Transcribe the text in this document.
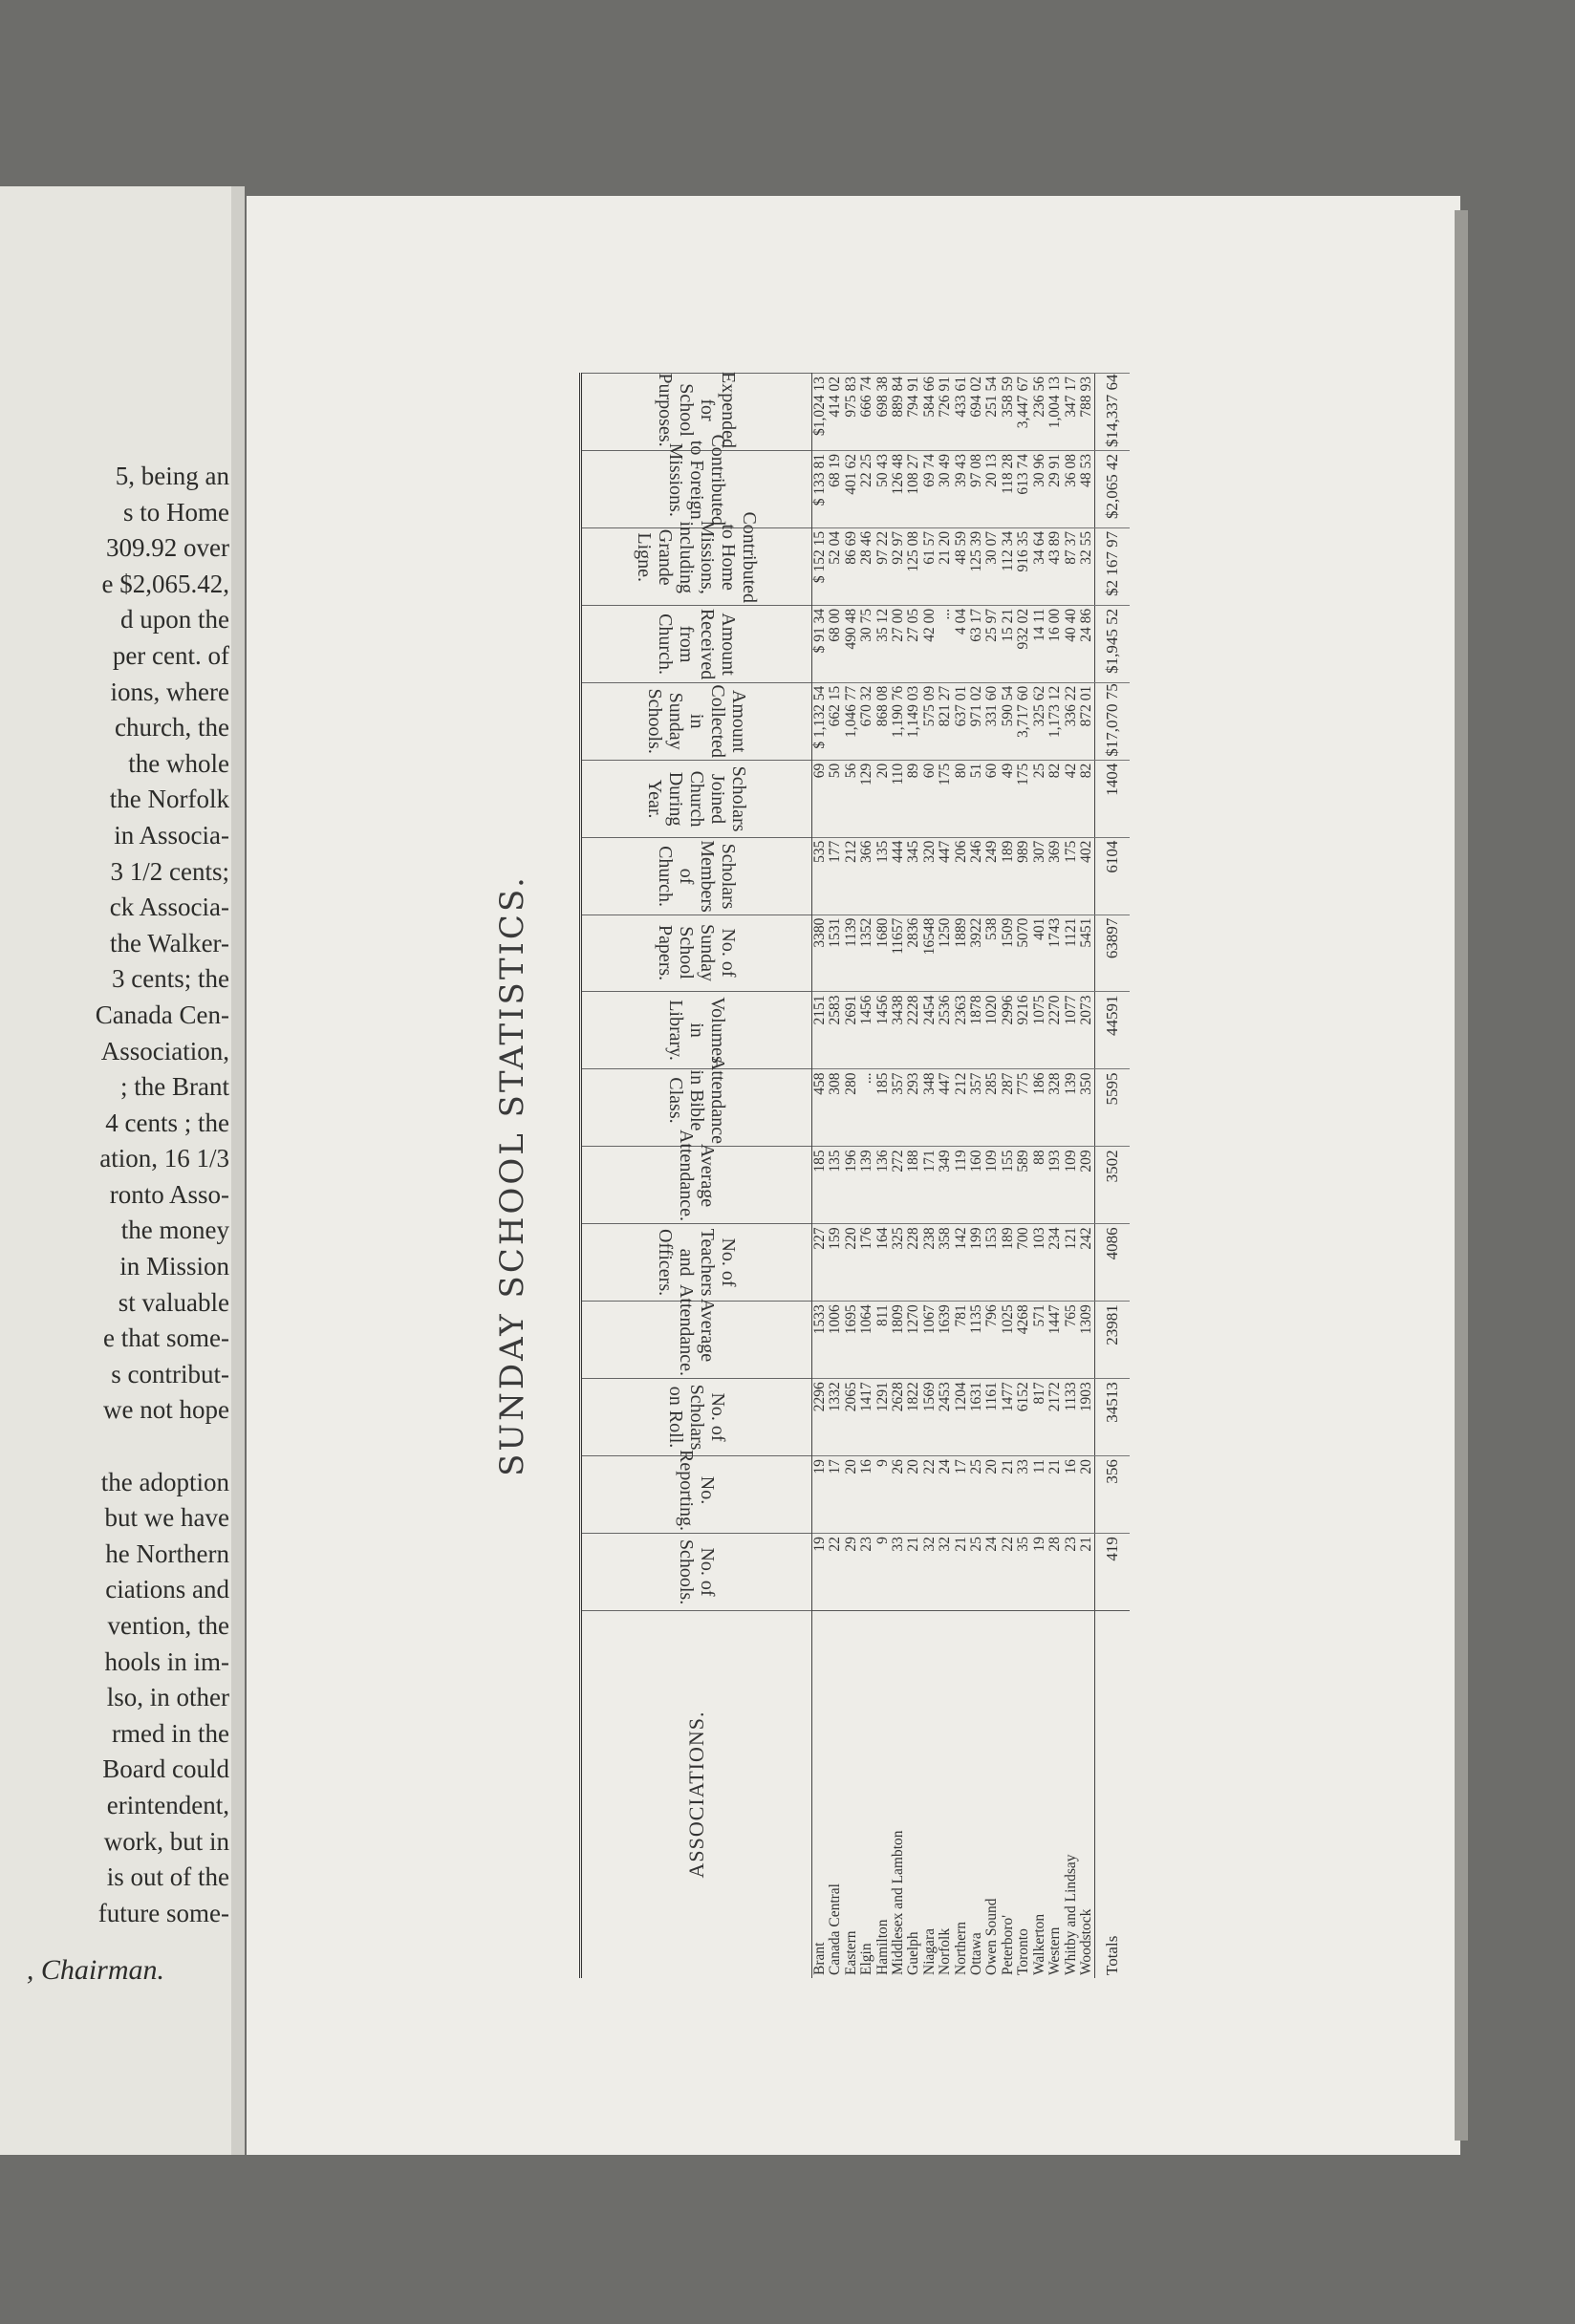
5, being an
s to Home
309.92 over
e $2,065.42,
d upon the
per cent. of
ions, where
church, the
the whole
the Norfolk
in Associa-
3 1/2 cents;
ck Associa-
the Walker-
3 cents; the
Canada Cen-
Association,
; the Brant
4 cents ; the
ation, 16 1/3
ronto Asso-
the money
in Mission
st valuable
e that some-
s contribut-
we not hope
the adoption
but we have
he Northern
ciations and
vention, the
hools in im-
lso, in other
rmed in the
Board could
erintendent,
work, but in
is out of the
future some-
, Chairman.
SUNDAY SCHOOL STATISTICS.
ASSOCIATIONS.	No. of Schools.	No. Reporting.	No. of Scholars on Roll.	Average Attendance.	No. of Teachers and Officers.	Average Attendance.	Attendance in Bible Class.	Volumes in Library.	No. of Sunday School Papers.	Scholars Members of Church.	Scholars Joined Church During Year.	Amount Collected in Sunday Schools.	Amount Received from Church.	Contributed to Home Missions, including Grande Ligne.	Contributed to Foreign Missions.	Expended for School Purposes.
Brant	19	19	2296	1533	227	185	458	2151	3380	535	69	$ 1,132 54	$ 91 34	$ 152 15	$ 133 81	$1,024 13
Canada Central	22	17	1332	1006	159	135	308	2583	1531	177	50	662 15	68 00	52 04	68 19	414 02
Eastern	29	20	2065	1695	220	196	280	2691	1139	212	56	1,046 77	490 48	86 69	401 62	975 83
Elgin	23	16	1417	1064	176	139	...	1456	1352	366	129	670 32	30 75	28 46	22 25	666 74
Hamilton	9	9	1291	811	164	136	185	1456	1680	135	20	868 08	35 12	97 22	50 43	698 38
Middlesex and Lambton	33	26	2628	1809	325	272	357	3438	11657	444	110	1,190 76	27 00	92 97	126 48	889 84
Guelph	21	20	1822	1270	228	188	293	2228	2836	345	89	1,149 03	27 05	125 08	108 27	794 91
Niagara	32	22	1569	1067	238	171	348	2454	16548	320	60	575 09	42 00	61 57	69 74	584 66
Norfolk	32	24	2453	1639	358	349	447	2536	1250	447	175	821 27	...	21 20	30 49	726 91
Northern	21	17	1204	781	142	119	212	2363	1889	206	80	637 01	4 04	48 59	39 43	433 61
Ottawa	25	25	1631	1135	199	160	357	1878	3922	246	51	971 02	63 17	125 39	97 08	694 02
Owen Sound	24	20	1161	796	153	109	285	1020	538	249	60	331 60	25 97	30 07	20 13	251 54
Peterboro'	22	21	1477	1025	189	155	287	2996	1509	189	49	590 54	15 21	112 34	118 28	358 59
Toronto	35	33	6152	4268	700	589	775	9216	5070	989	175	3,717 60	932 02	916 35	613 74	3,447 67
Walkerton	19	11	817	571	103	88	186	1075	401	307	25	325 62	14 11	34 64	30 96	236 56
Western	28	21	2172	1447	234	193	328	2270	1743	369	82	1,173 12	16 00	43 89	29 91	1,004 13
Whitby and Lindsay	23	16	1133	765	121	109	139	1077	1121	175	42	336 22	40 40	87 37	36 08	347 17
Woodstock	21	20	1903	1309	242	209	350	2073	5451	402	82	872 01	24 86	32 55	48 53	788 93
Totals	419	356	34513	23981	4086	3502	5595	44591	63897	6104	1404	$17,070 75	$1,945 52	$2 167 97	$2,065 42	$14,337 64
